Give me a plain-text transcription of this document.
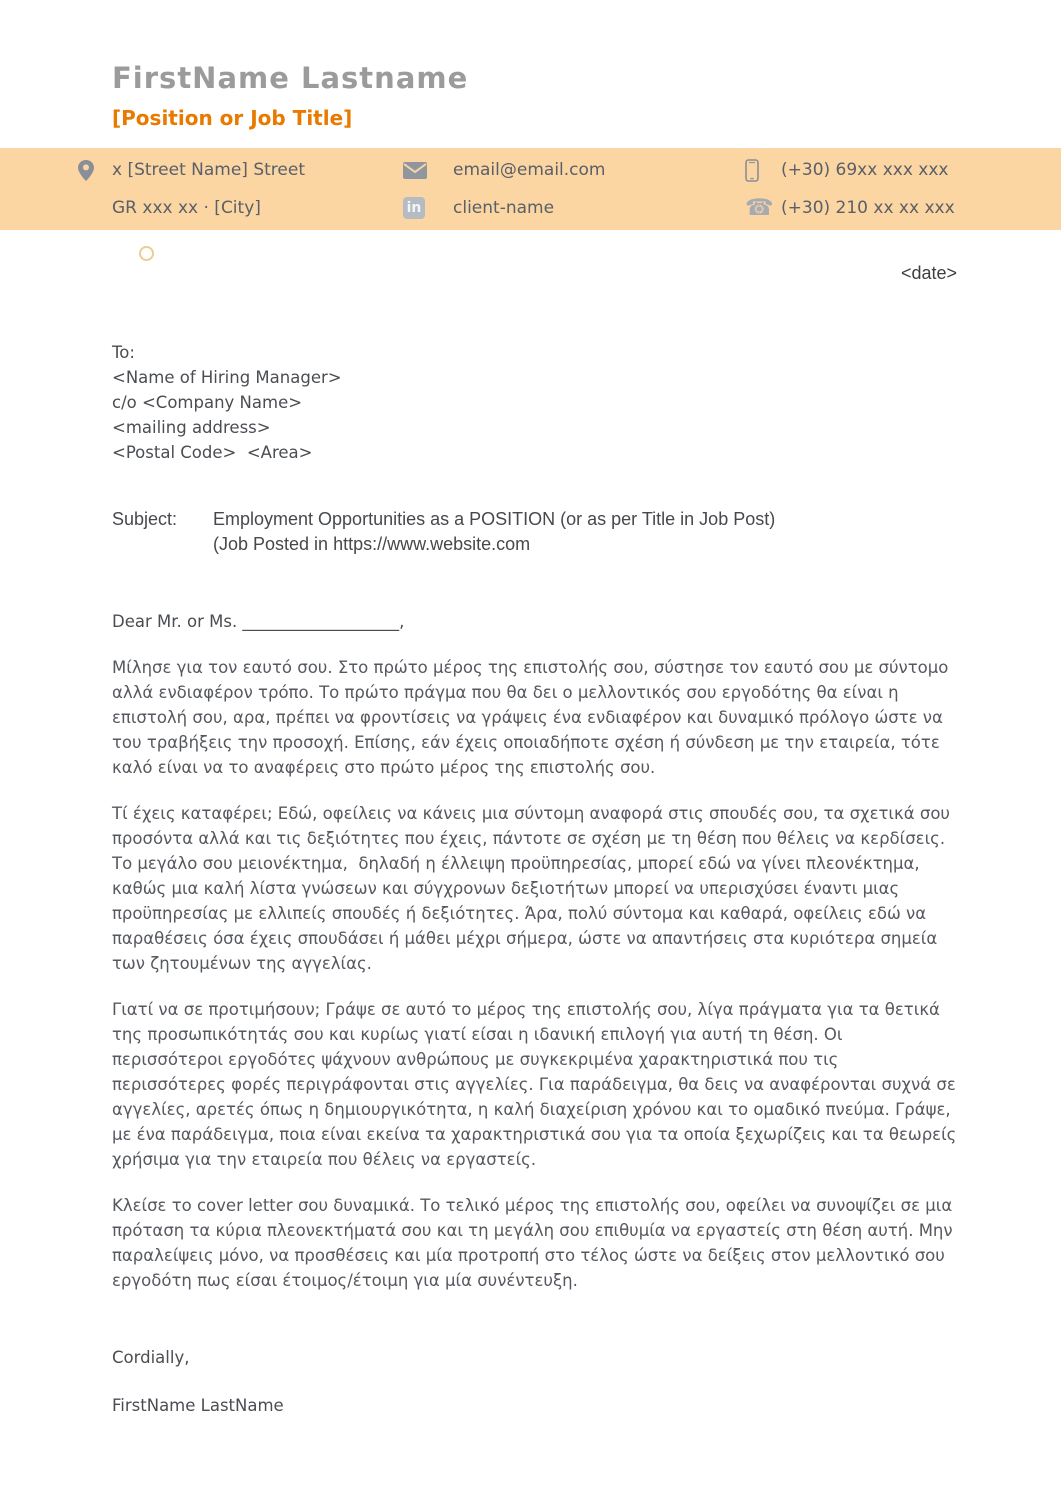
FirstName Lastname
[Position or Job Title]
x [Street Name] Street	email@email.com	(+30) 69xx xxx xxx
GR xxx xx · [City]	in client-name	☎ (+30) 210 xx xx xxx
<date>
To:
<Name of Hiring Manager>
c/o <Company Name>
<mailing address>
<Postal Code>  <Area>
Subject:	Employment Opportunities as a POSITION (or as per Title in Job Post)
(Job Posted in https://www.website.com
Dear Mr. or Ms. ___________________,
Μίλησε για τον εαυτό σου. Στο πρώτο μέρος της επιστολής σου, σύστησε τον εαυτό σου με σύντομο αλλά ενδιαφέρον τρόπο. Το πρώτο πράγμα που θα δει ο μελλοντικός σου εργοδότης θα είναι η επιστολή σου, αρα, πρέπει να φροντίσεις να γράψεις ένα ενδιαφέρον και δυναμικό πρόλογο ώστε να του τραβήξεις την προσοχή. Επίσης, εάν έχεις οποιαδήποτε σχέση ή σύνδεση με την εταιρεία, τότε καλό είναι να το αναφέρεις στο πρώτο μέρος της επιστολής σου.
Τί έχεις καταφέρει; Εδώ, οφείλεις να κάνεις μια σύντομη αναφορά στις σπουδές σου, τα σχετικά σου προσόντα αλλά και τις δεξιότητες που έχεις, πάντοτε σε σχέση με τη θέση που θέλεις να κερδίσεις. Το μεγάλο σου μειονέκτημα,  δηλαδή η έλλειψη προϋπηρεσίας, μπορεί εδώ να γίνει πλεονέκτημα, καθώς μια καλή λίστα γνώσεων και σύγχρονων δεξιοτήτων μπορεί να υπερισχύσει έναντι μιας προϋπηρεσίας με ελλιπείς σπουδές ή δεξιότητες. Άρα, πολύ σύντομα και καθαρά, οφείλεις εδώ να παραθέσεις όσα έχεις σπουδάσει ή μάθει μέχρι σήμερα, ώστε να απαντήσεις στα κυριότερα σημεία των ζητουμένων της αγγελίας.
Γιατί να σε προτιμήσουν; Γράψε σε αυτό το μέρος της επιστολής σου, λίγα πράγματα για τα θετικά της προσωπικότητάς σου και κυρίως γιατί είσαι η ιδανική επιλογή για αυτή τη θέση. Οι περισσότεροι εργοδότες ψάχνουν ανθρώπους με συγκεκριμένα χαρακτηριστικά που τις περισσότερες φορές περιγράφονται στις αγγελίες. Για παράδειγμα, θα δεις να αναφέρονται συχνά σε αγγελίες, αρετές όπως η δημιουργικότητα, η καλή διαχείριση χρόνου και το ομαδικό πνεύμα. Γράψε, με ένα παράδειγμα, ποια είναι εκείνα τα χαρακτηριστικά σου για τα οποία ξεχωρίζεις και τα θεωρείς χρήσιμα για την εταιρεία που θέλεις να εργαστείς.
Κλείσε το cover letter σου δυναμικά. Το τελικό μέρος της επιστολής σου, οφείλει να συνοψίζει σε μια πρόταση τα κύρια πλεονεκτήματά σου και τη μεγάλη σου επιθυμία να εργαστείς στη θέση αυτή. Μην παραλείψεις μόνο, να προσθέσεις και μία προτροπή στο τέλος ώστε να δείξεις στον μελλοντικό σου εργοδότη πως είσαι έτοιμος/έτοιμη για μία συνέντευξη.
Cordially,
FirstName LastName
